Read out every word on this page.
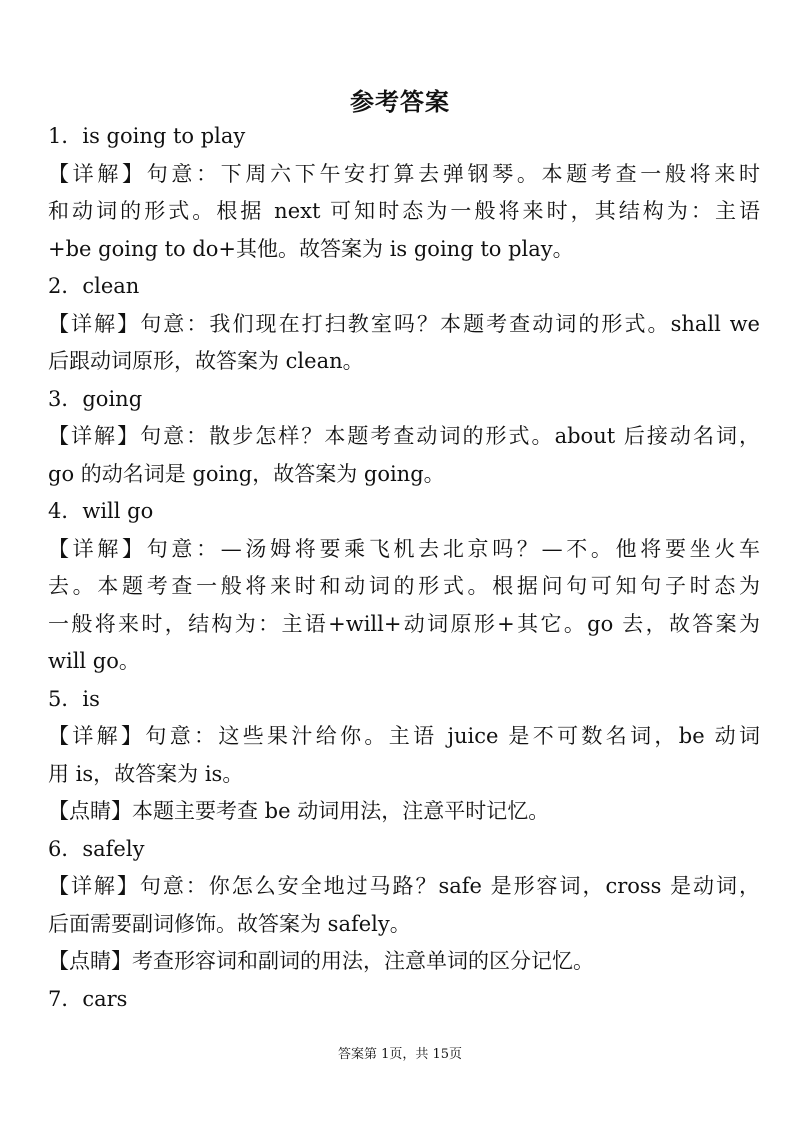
参考答案
1．is going to play
【详解】句意：下周六下午安打算去弹钢琴。本题考查一般将来时
和动词的形式。根据 next 可知时态为一般将来时，其结构为：主语
+be going to do+其他。故答案为 is going to play。
2．clean
【详解】句意：我们现在打扫教室吗？本题考查动词的形式。shall we
后跟动词原形，故答案为 clean。
3．going
【详解】句意：散步怎样？本题考查动词的形式。about 后接动名词，
go 的动名词是 going，故答案为 going。
4．will go
【详解】句意：—汤姆将要乘飞机去北京吗？—不。他将要坐火车
去。本题考查一般将来时和动词的形式。根据问句可知句子时态为
一般将来时，结构为：主语+will+动词原形+其它。go 去，故答案为
will go。
5．is
【详解】句意：这些果汁给你。主语 juice 是不可数名词，be 动词
用 is，故答案为 is。
【点睛】本题主要考查 be 动词用法，注意平时记忆。
6．safely
【详解】句意：你怎么安全地过马路？safe 是形容词，cross 是动词，
后面需要副词修饰。故答案为 safely。
【点睛】考查形容词和副词的用法，注意单词的区分记忆。
7．cars
答案第 1页，共 15页
